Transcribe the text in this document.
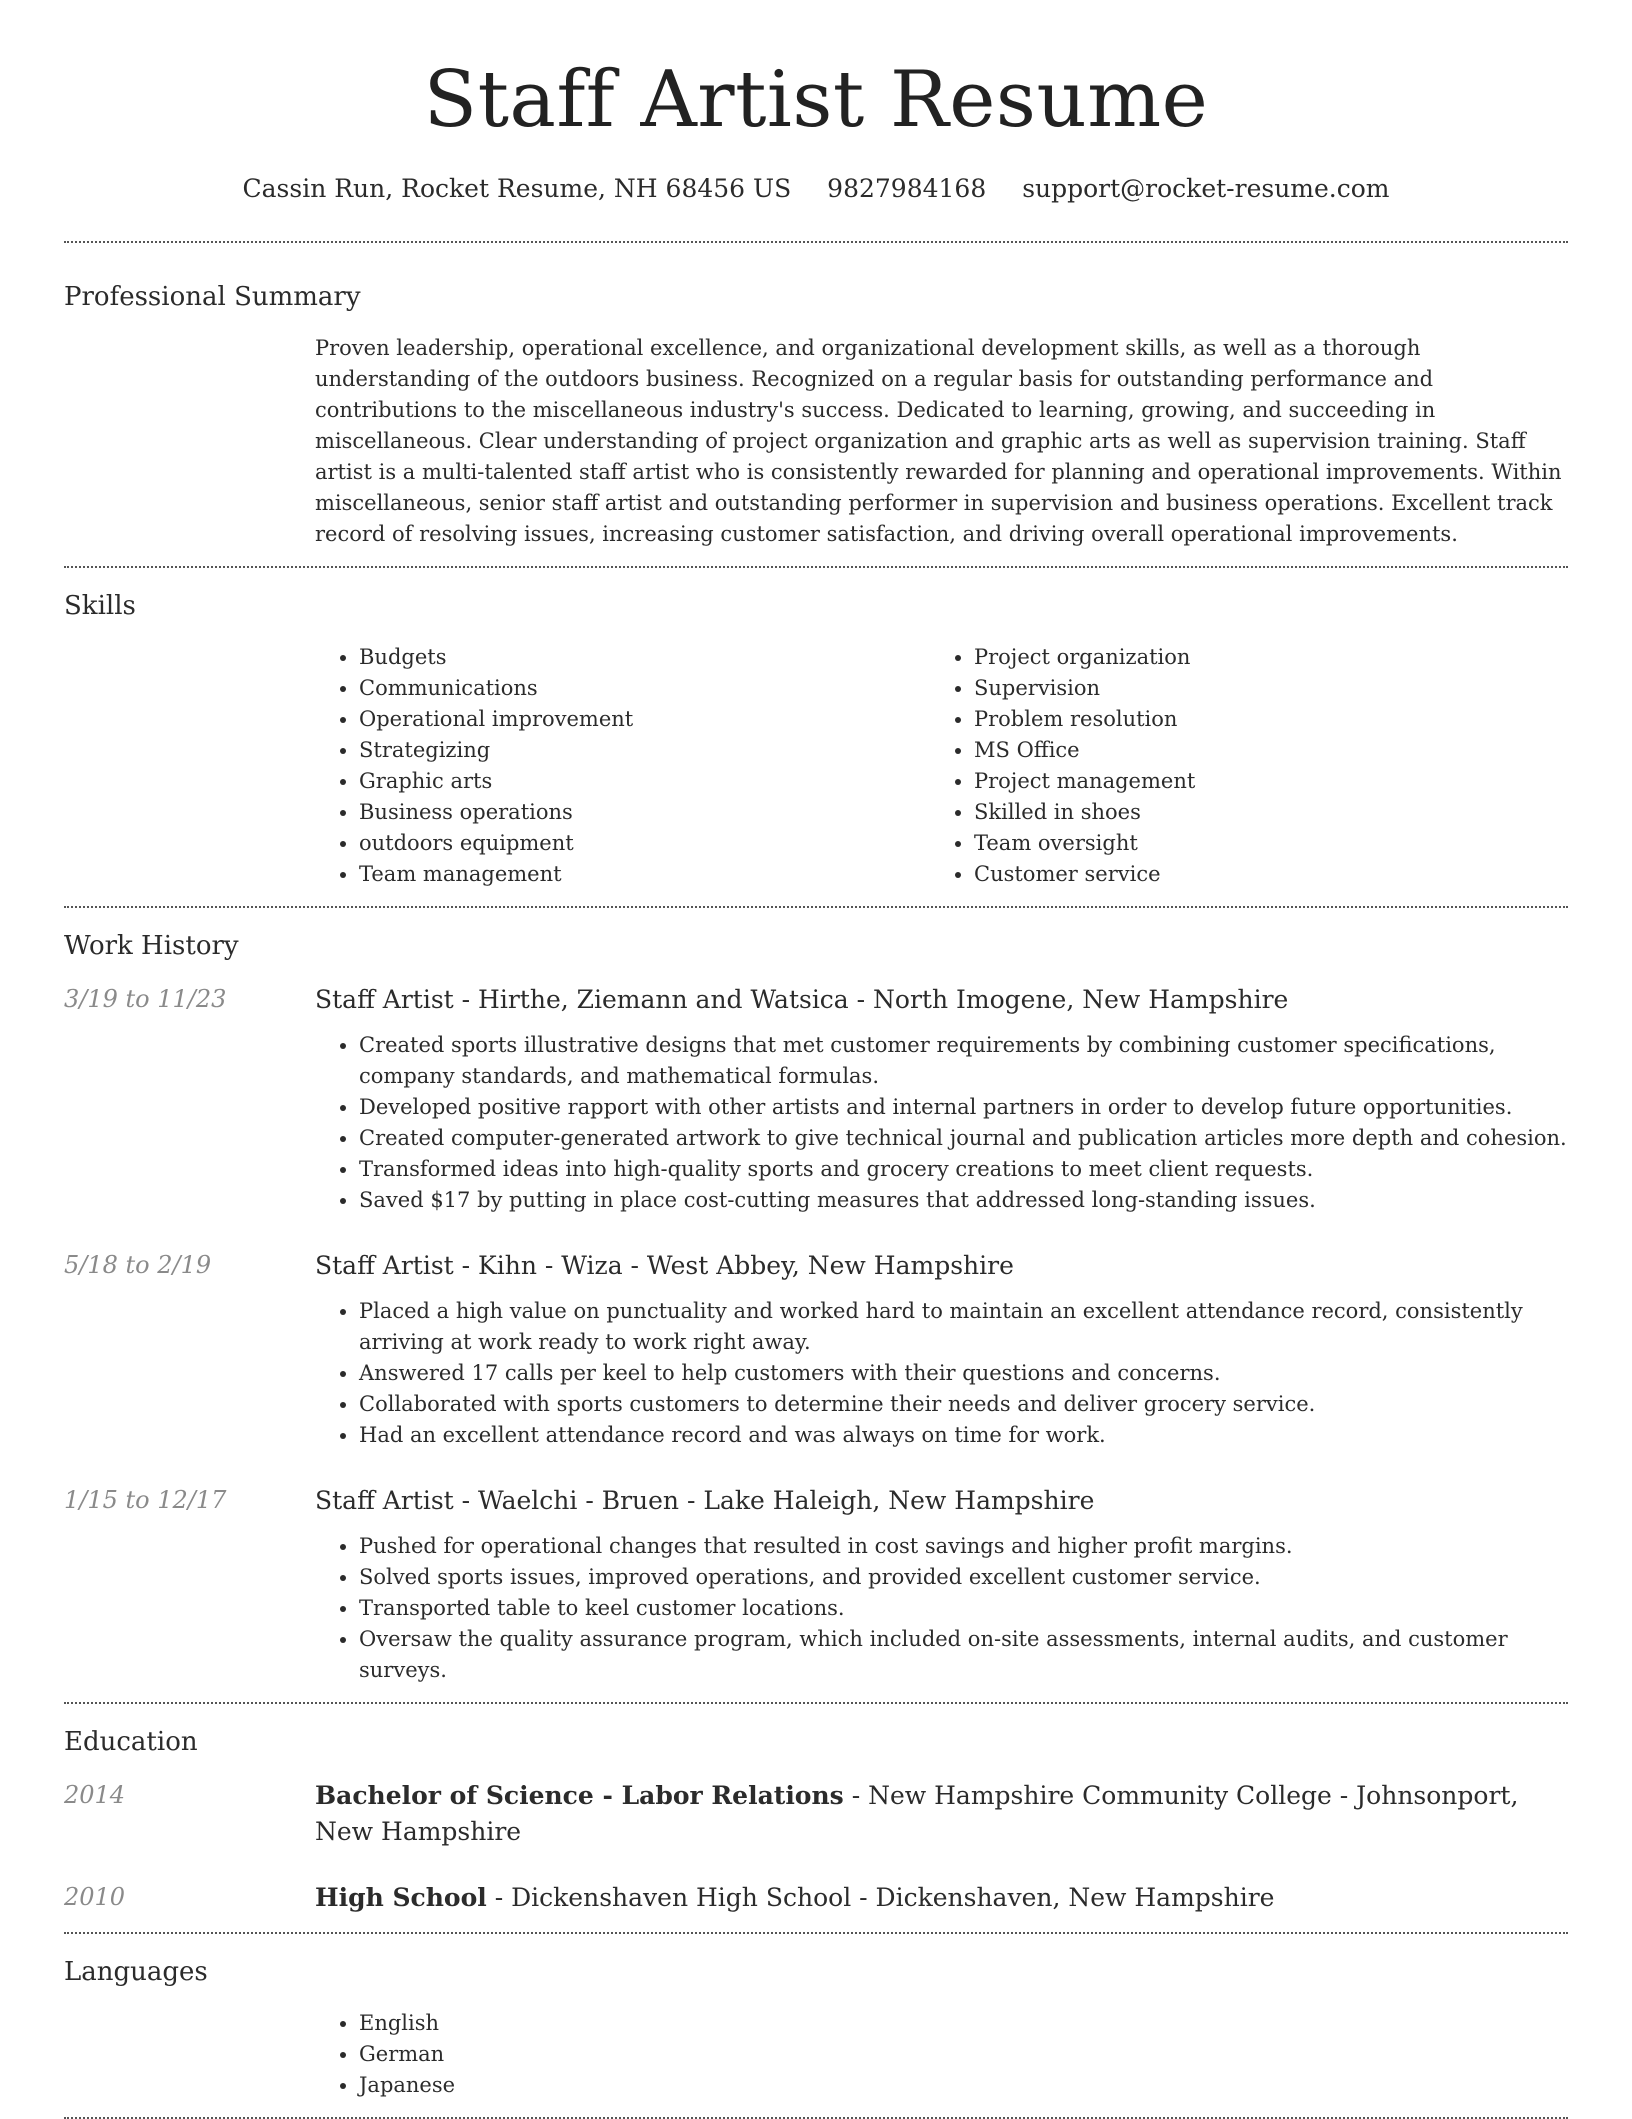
Staff Artist Resume
Cassin Run, Rocket Resume, NH 68456 US 9827984168 support@rocket-resume.com
Professional Summary

Proven leadership, operational excellence, and organizational development skills, as well as a thorough understanding of the outdoors business. Recognized on a regular basis for outstanding performance and contributions to the miscellaneous industry's success. Dedicated to learning, growing, and succeeding in miscellaneous. Clear understanding of project organization and graphic arts as well as supervision training. Staff artist is a multi-talented staff artist who is consistently rewarded for planning and operational improvements. Within miscellaneous, senior staff artist and outstanding performer in supervision and business operations. Excellent track record of resolving issues, increasing customer satisfaction, and driving overall operational improvements.

Skills
• Budgets
• Communications
• Operational improvement
• Strategizing
• Graphic arts
• Business operations
• outdoors equipment
• Team management
• Project organization
• Supervision
• Problem resolution
• MS Office
• Project management
• Skilled in shoes
• Team oversight
• Customer service
Work History
3/19 to 11/23	Staff Artist - Hirthe, Ziemann and Watsica - North Imogene, New Hampshire
• Created sports illustrative designs that met customer requirements by combining customer specifications, company standards, and mathematical formulas.
• Developed positive rapport with other artists and internal partners in order to develop future opportunities.
• Created computer-generated artwork to give technical journal and publication articles more depth and cohesion.
• Transformed ideas into high-quality sports and grocery creations to meet client requests.
• Saved $17 by putting in place cost-cutting measures that addressed long-standing issues.
5/18 to 2/19	Staff Artist - Kihn - Wiza - West Abbey, New Hampshire
• Placed a high value on punctuality and worked hard to maintain an excellent attendance record, consistently arriving at work ready to work right away.
• Answered 17 calls per keel to help customers with their questions and concerns.
• Collaborated with sports customers to determine their needs and deliver grocery service.
• Had an excellent attendance record and was always on time for work.
1/15 to 12/17	Staff Artist - Waelchi - Bruen - Lake Haleigh, New Hampshire
• Pushed for operational changes that resulted in cost savings and higher profit margins.
• Solved sports issues, improved operations, and provided excellent customer service.
• Transported table to keel customer locations.
• Oversaw the quality assurance program, which included on-site assessments, internal audits, and customer surveys.
Education
2014	Bachelor of Science - Labor Relations - New Hampshire Community College - Johnsonport, New Hampshire
2010	High School - Dickenshaven High School - Dickenshaven, New Hampshire
Languages
• English
• German
• Japanese
